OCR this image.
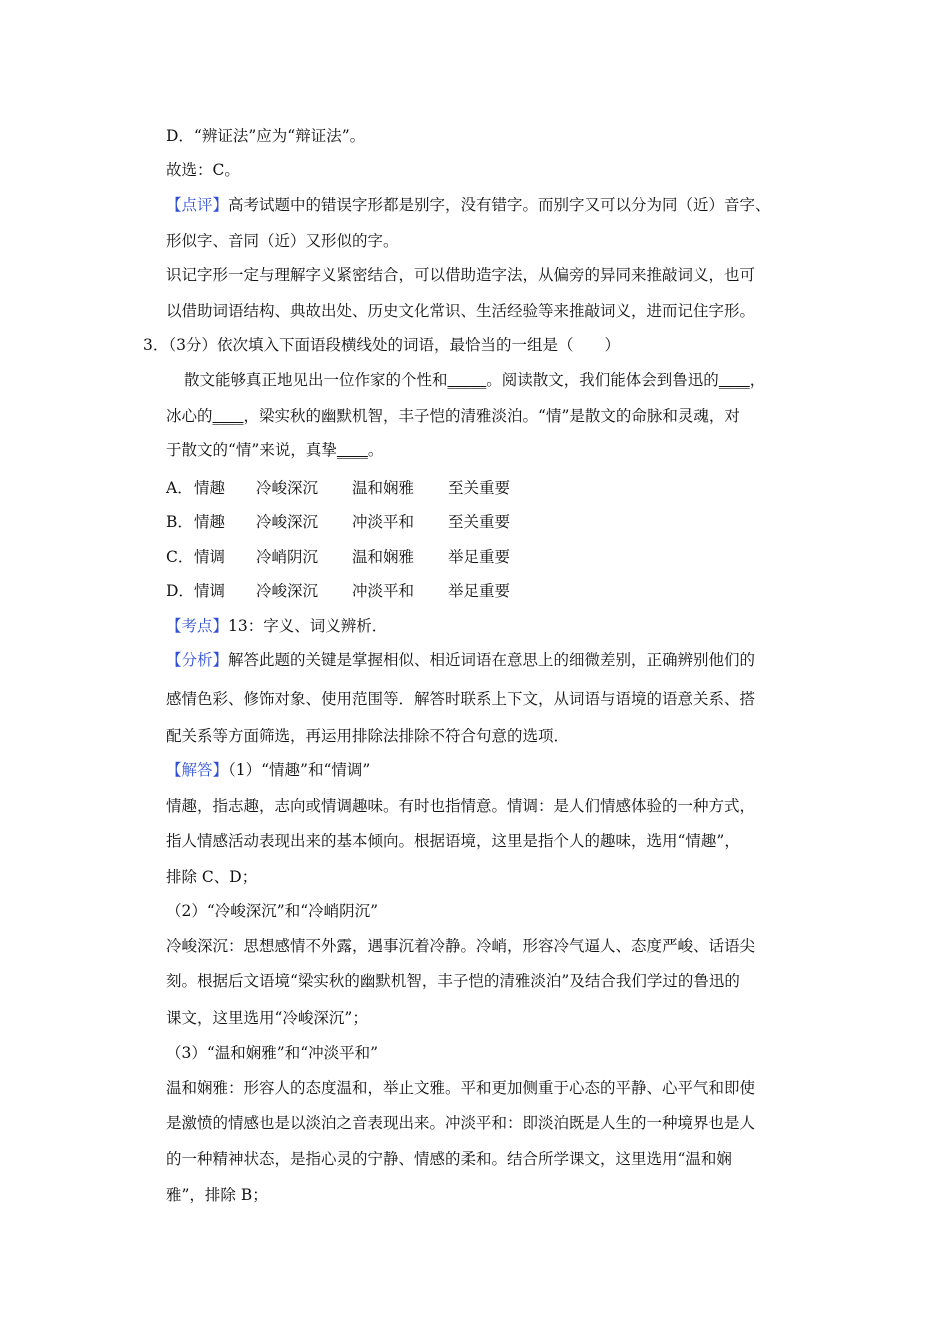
D．“辨证法”应为“辩证法”。
故选：C。
【点评】高考试题中的错误字形都是别字，没有错字。而别字又可以分为同（近）音字、
形似字、音同（近）又形似的字。
识记字形一定与理解字义紧密结合，可以借助造字法，从偏旁的异同来推敲词义，也可
以借助词语结构、典故出处、历史文化常识、生活经验等来推敲词义，进而记住字形。
3．（3分）依次填入下面语段横线处的词语，最恰当的一组是（　　）
散文能够真正地见出一位作家的个性和_____。阅读散文，我们能体会到鲁迅的____，
冰心的____，梁实秋的幽默机智，丰子恺的清雅淡泊。“情”是散文的命脉和灵魂，对
于散文的“情”来说，真挚____。
A．情趣 冷峻深沉 温和娴雅 至关重要
B．情趣 冷峻深沉 冲淡平和 至关重要
C．情调 冷峭阴沉 温和娴雅 举足重要
D．情调 冷峻深沉 冲淡平和 举足重要
【考点】13：字义、词义辨析．
【分析】解答此题的关键是掌握相似、相近词语在意思上的细微差别，正确辨别他们的
感情色彩、修饰对象、使用范围等．解答时联系上下文，从词语与语境的语意关系、搭
配关系等方面筛选，再运用排除法排除不符合句意的选项．
【解答】（1）“情趣”和“情调”
情趣，指志趣，志向或情调趣味。有时也指情意。情调：是人们情感体验的一种方式，
指人情感活动表现出来的基本倾向。根据语境，这里是指个人的趣味，选用“情趣”，
排除 C、D；
（2）“冷峻深沉”和“冷峭阴沉”
冷峻深沉：思想感情不外露，遇事沉着冷静。冷峭，形容冷气逼人、态度严峻、话语尖
刻。根据后文语境“梁实秋的幽默机智，丰子恺的清雅淡泊”及结合我们学过的鲁迅的
课文，这里选用“冷峻深沉”；
（3）“温和娴雅”和“冲淡平和”
温和娴雅：形容人的态度温和，举止文雅。平和更加侧重于心态的平静、心平气和即使
是激愤的情感也是以淡泊之音表现出来。冲淡平和：即淡泊既是人生的一种境界也是人
的一种精神状态，是指心灵的宁静、情感的柔和。结合所学课文，这里选用“温和娴
雅”，排除 B；
